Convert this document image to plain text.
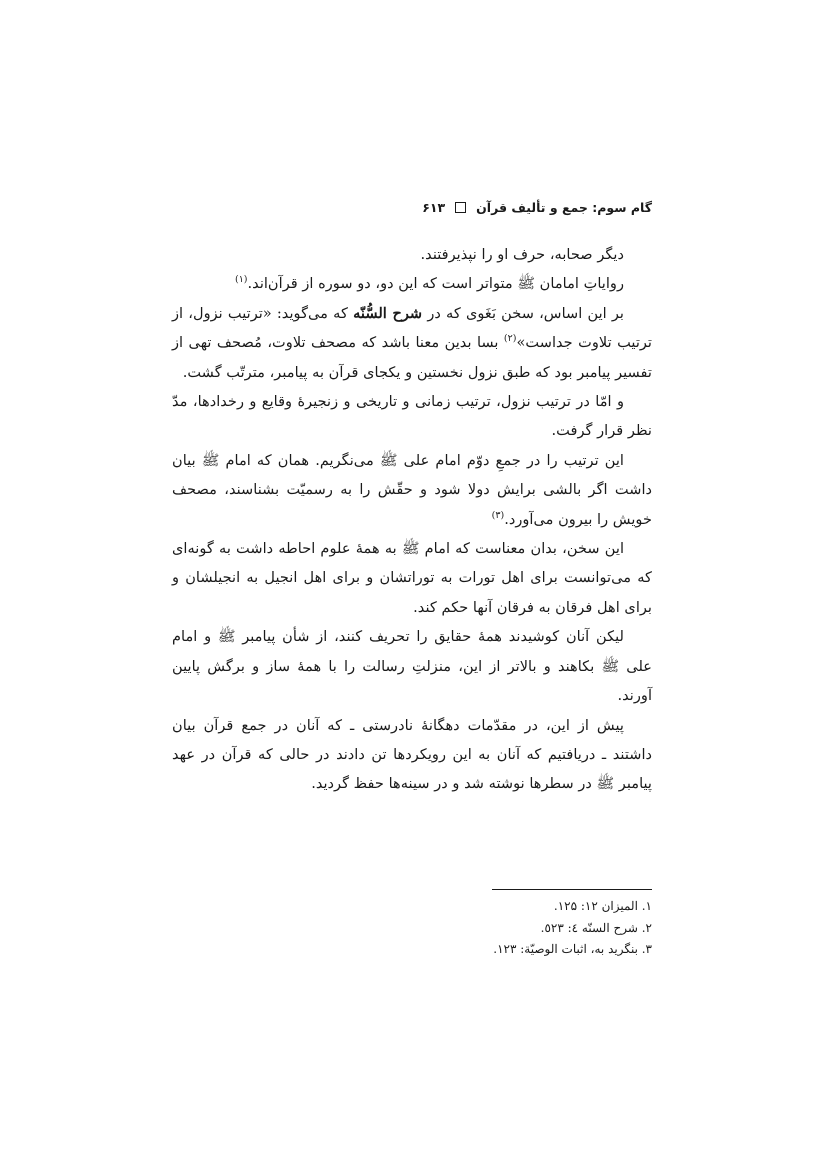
گام سوم: جمع و تألیف قرآن۶۱۳

دیگر صحابه، حرف او را نپذیرفتند.

روایاتِ امامان ﷺ متواتر است که این دو، دو سوره از قرآن‌اند.$^{(۱)}$

بر این اساس، سخن بَغَوی که در شرح السُّنّه که می‌گوید: «ترتیب نزول، از ترتیب تلاوت جداست»$^{(۲)}$ بسا بدین معنا باشد که مصحف تلاوت، مُصحف تهی از تفسیر پیامبر بود که طبق نزول نخستین و یکجای قرآن به پیامبر، مترتّب گشت.

و امّا در ترتیب نزول، ترتیب زمانی و تاریخی و زنجیرهٔ وقایع و رخدادها، مدّ نظر قرار گرفت.

این ترتیب را در جمعِ دوّم امام علی ﷺ می‌نگریم. همان که امام ﷺ بیان داشت اگر بالشی برایش دولا شود و حقّش را به رسمیّت بشناسند، مصحف خویش را بیرون می‌آورد.$^{(۳)}$

این سخن، بدان معناست که امام ﷺ به همهٔ علوم احاطه داشت به گونه‌ای که می‌توانست برای اهل تورات به توراتشان و برای اهل انجیل به انجیلشان و برای اهل فرقان به فرقان آنها حکم کند.

لیکن آنان کوشیدند همهٔ حقایق را تحریف کنند، از شأن پیامبر ﷺ و امام علی ﷺ بکاهند و بالاتر از این، منزلتِ رسالت را با همهٔ ساز و برگش پایین آورند.

پیش از این، در مقدّمات دهگانهٔ نادرستی ـ که آنان در جمع قرآن بیان داشتند ـ دریافتیم که آنان به این رویکردها تن دادند در حالی که قرآن در عهد پیامبر ﷺ در سطرها نوشته شد و در سینه‌ها حفظ گردید.

۱. المیزان ۱۲: ۱۲۵.

۲. شرح السنّه ٤: ٥٢٣.

۳. بنگرید به، اثبات الوصیّة: ۱۲۳.
